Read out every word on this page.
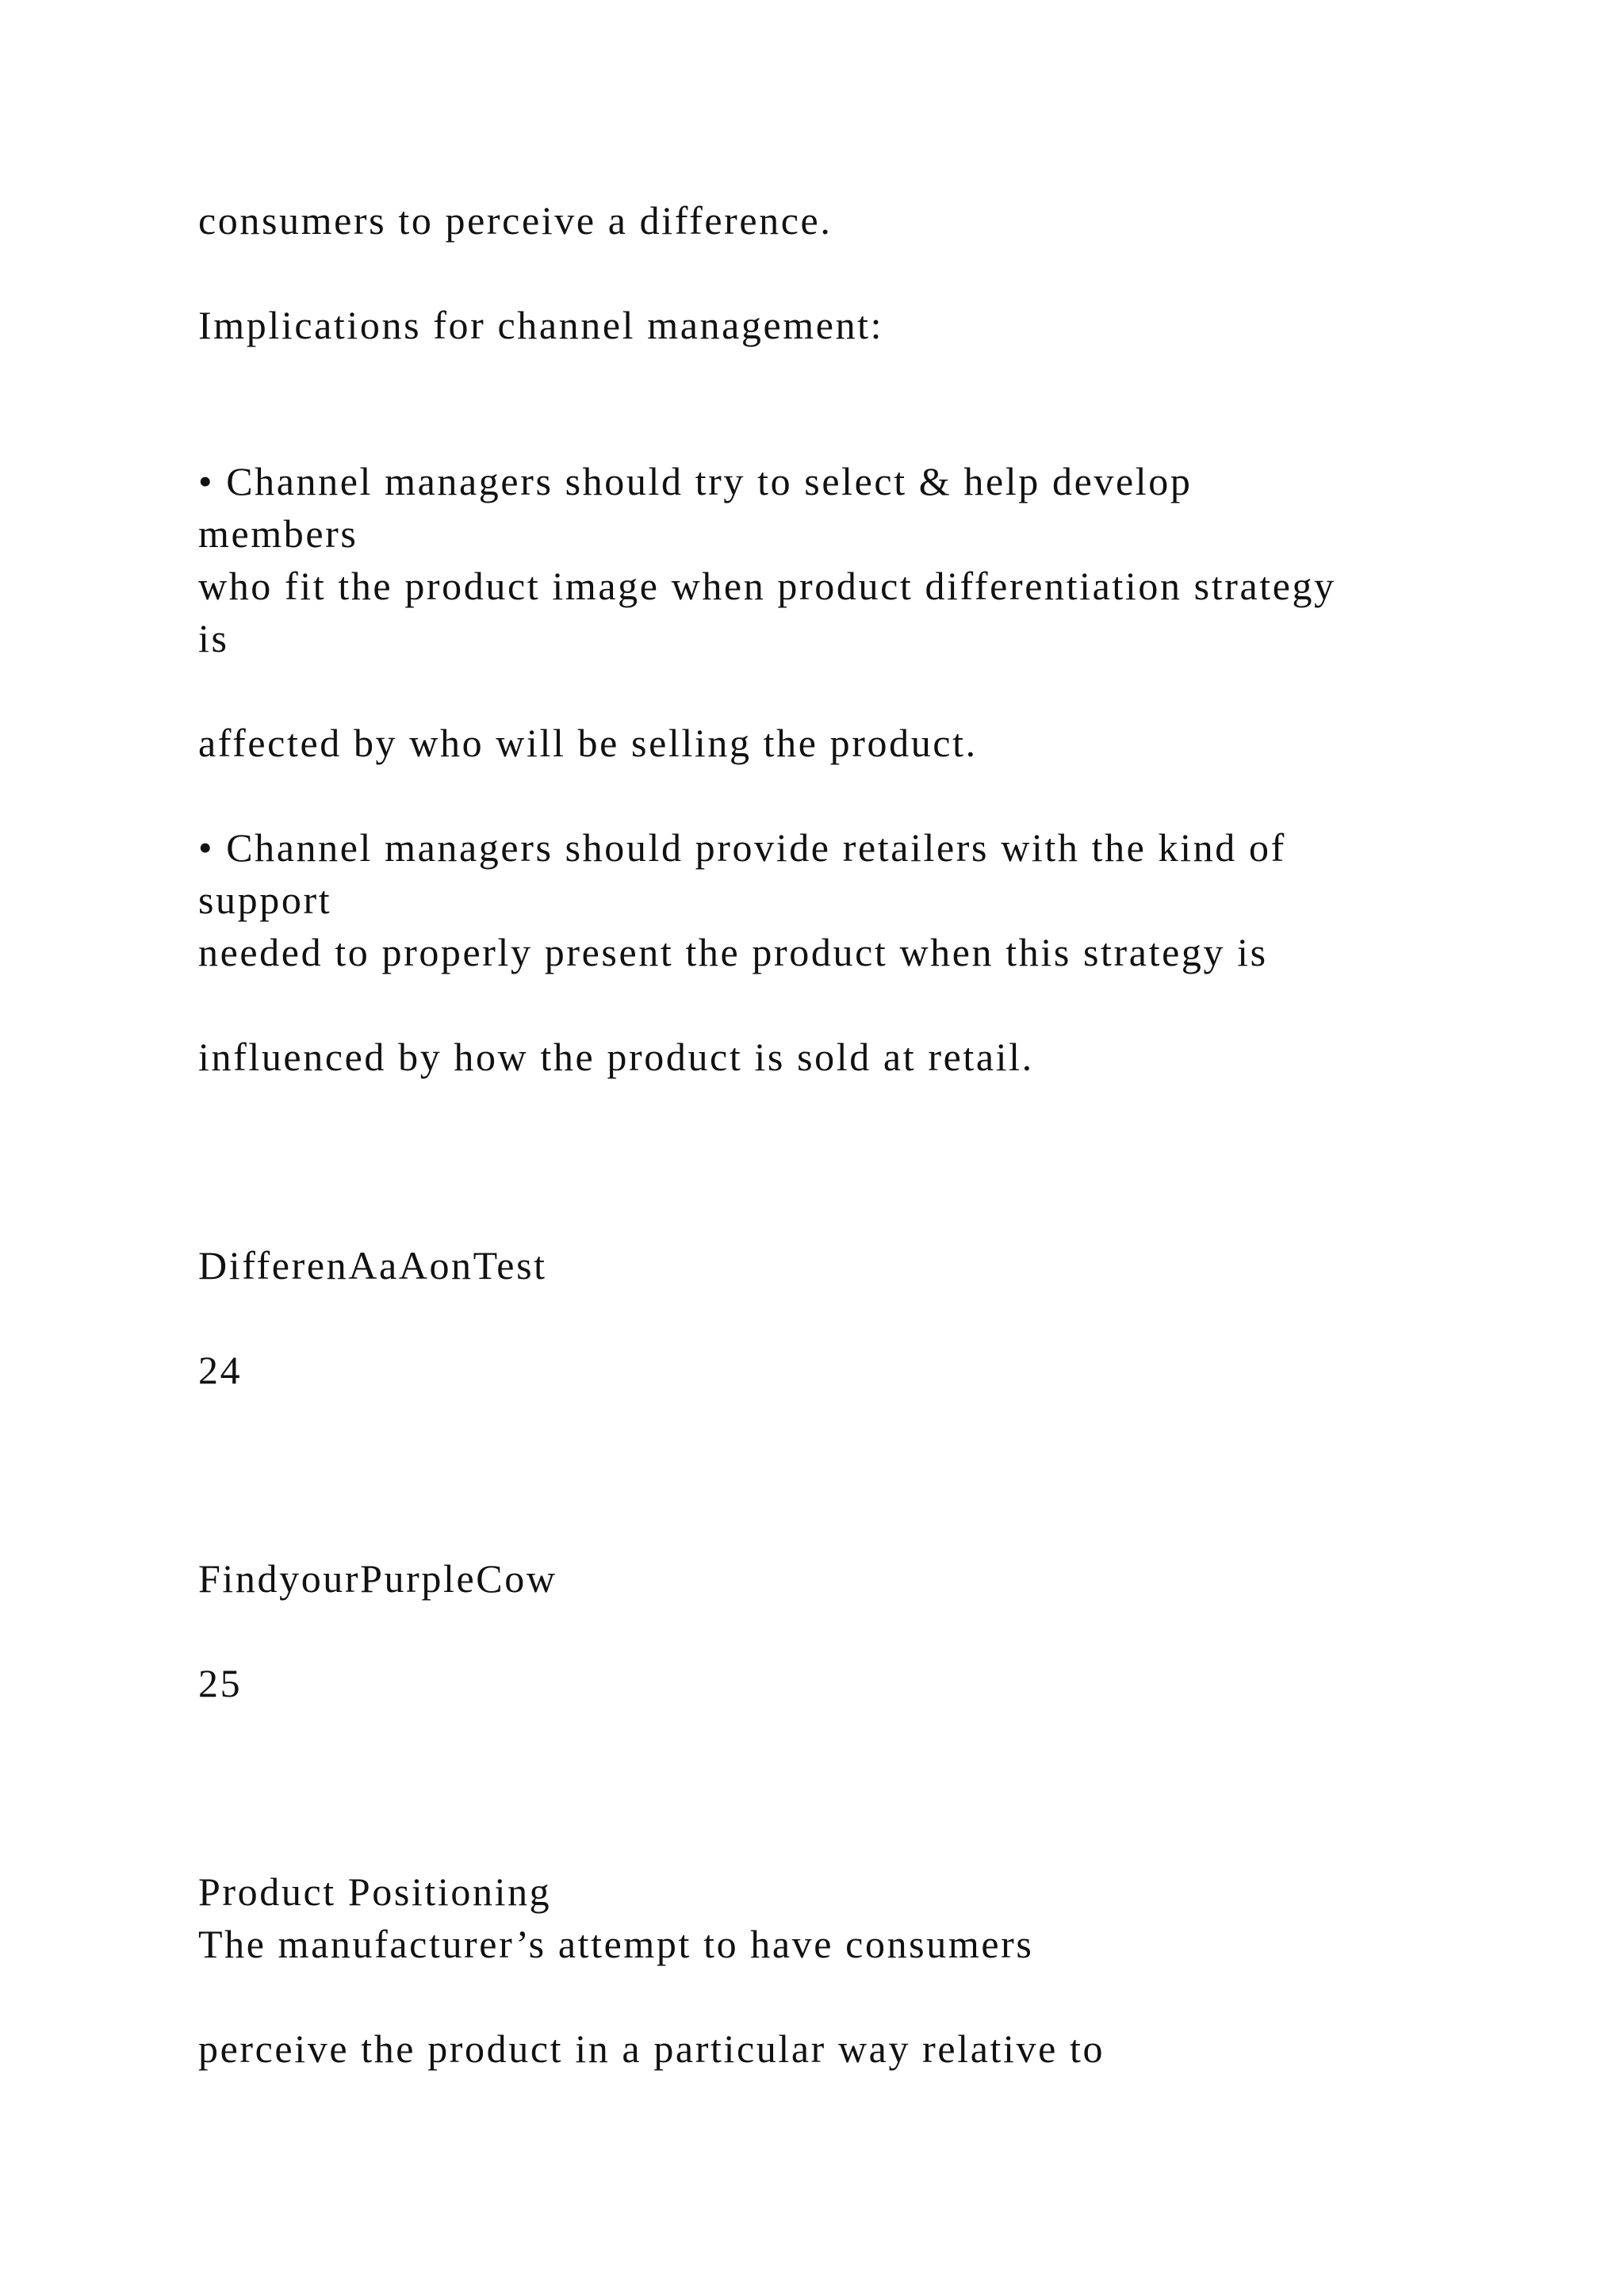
consumers to perceive a difference.

Implications for channel management:

• Channel managers should try to select & help develop

members

who fit the product image when product differentiation strategy

is

affected by who will be selling the product.

• Channel managers should provide retailers with the kind of

support

needed to properly present the product when this strategy is

influenced by how the product is sold at retail.

DifferenAaAonTest

24

FindyourPurpleCow

25

Product Positioning

The manufacturer’s attempt to have consumers

perceive the product in a particular way relative to
